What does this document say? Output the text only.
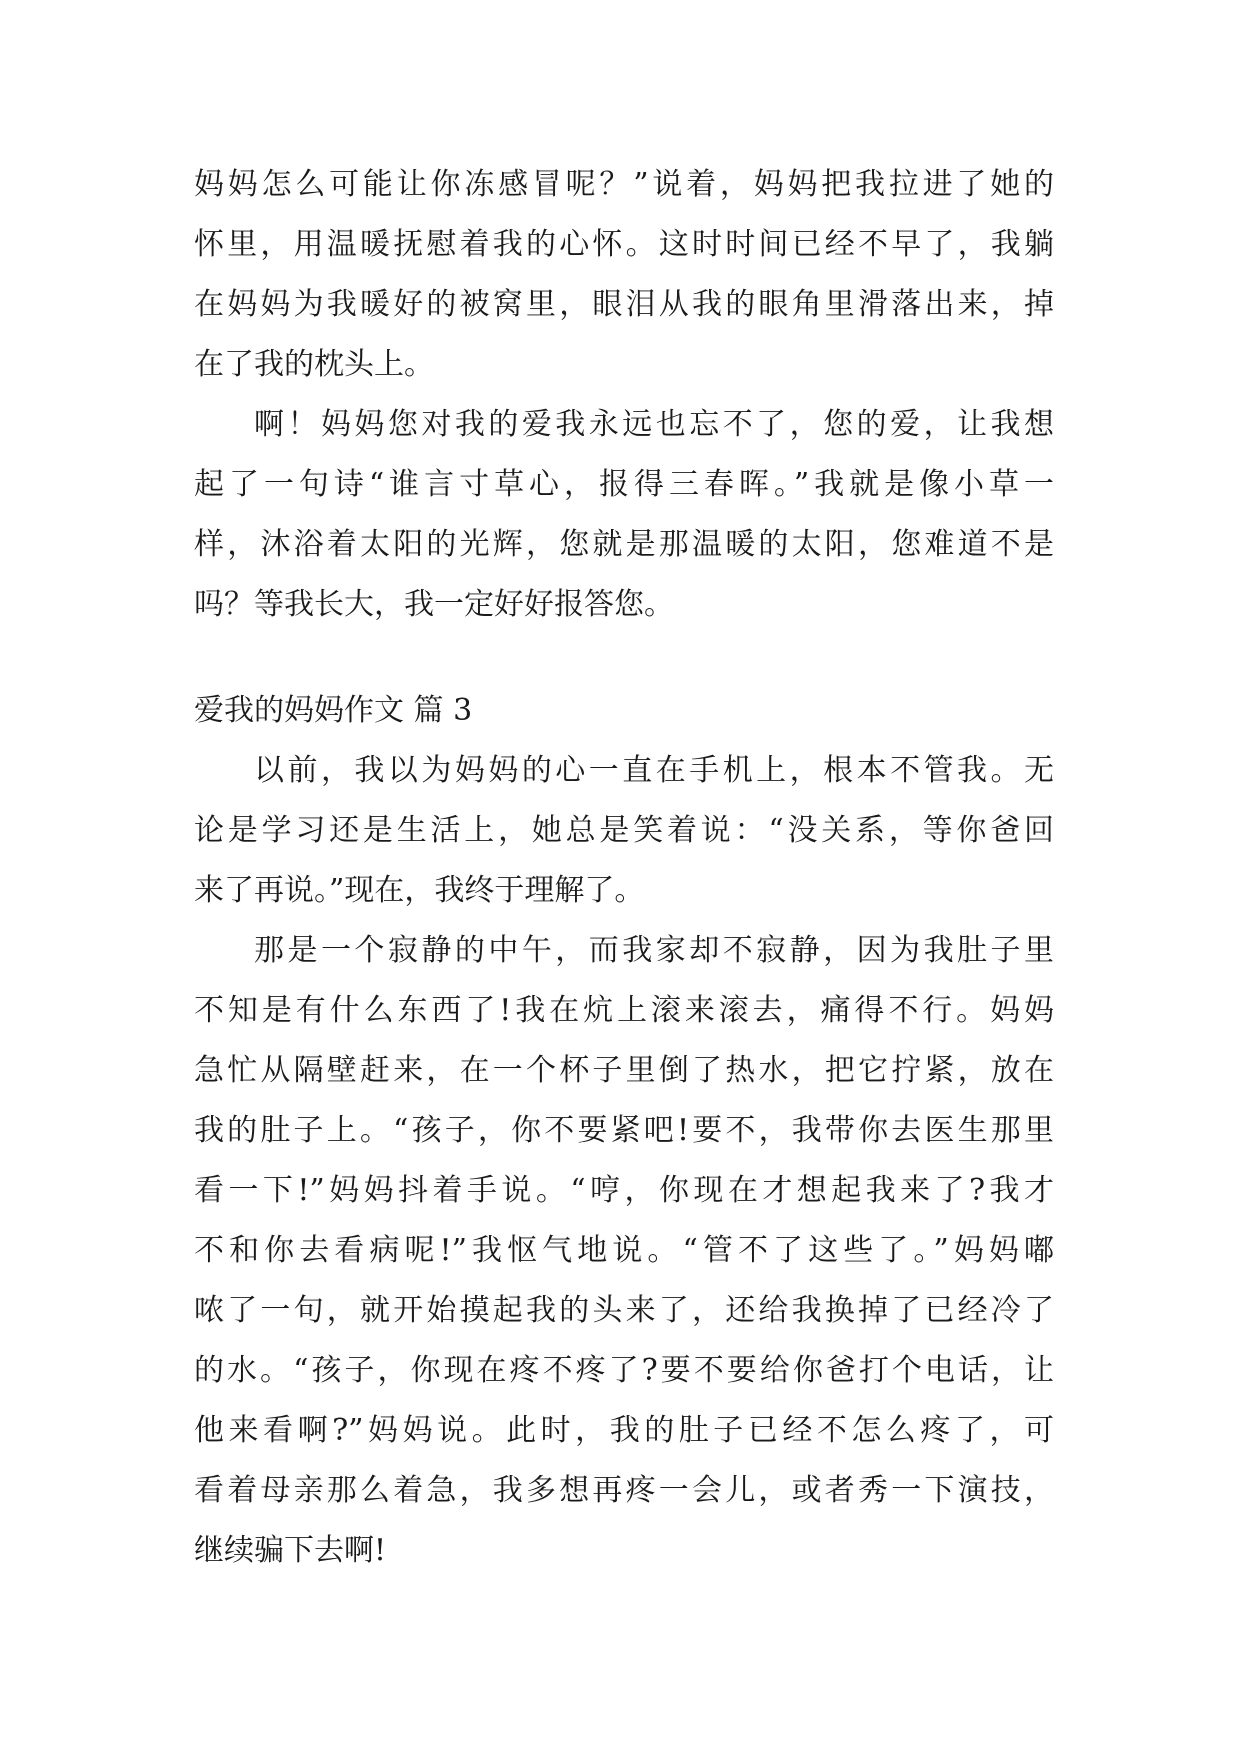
妈妈怎么可能让你冻感冒呢？”说着，妈妈把我拉进了她的
怀里，用温暖抚慰着我的心怀。这时时间已经不早了，我躺
在妈妈为我暖好的被窝里，眼泪从我的眼角里滑落出来，掉
在了我的枕头上。
啊！妈妈您对我的爱我永远也忘不了，您的爱，让我想
起了一句诗“谁言寸草心，报得三春晖。”我就是像小草一
样，沐浴着太阳的光辉，您就是那温暖的太阳，您难道不是
吗？等我长大，我一定好好报答您。
爱我的妈妈作文 篇 3
以前，我以为妈妈的心一直在手机上，根本不管我。无
论是学习还是生活上，她总是笑着说：“没关系，等你爸回
来了再说。”现在，我终于理解了。
那是一个寂静的中午，而我家却不寂静，因为我肚子里
不知是有什么东西了!我在炕上滚来滚去，痛得不行。妈妈
急忙从隔壁赶来，在一个杯子里倒了热水，把它拧紧，放在
我的肚子上。“孩子，你不要紧吧!要不，我带你去医生那里
看一下!”妈妈抖着手说。“哼，你现在才想起我来了?我才
不和你去看病呢!”我怄气地说。“管不了这些了。”妈妈嘟
哝了一句，就开始摸起我的头来了，还给我换掉了已经冷了
的水。“孩子，你现在疼不疼了?要不要给你爸打个电话，让
他来看啊?”妈妈说。此时，我的肚子已经不怎么疼了，可
看着母亲那么着急，我多想再疼一会儿，或者秀一下演技，
继续骗下去啊!
